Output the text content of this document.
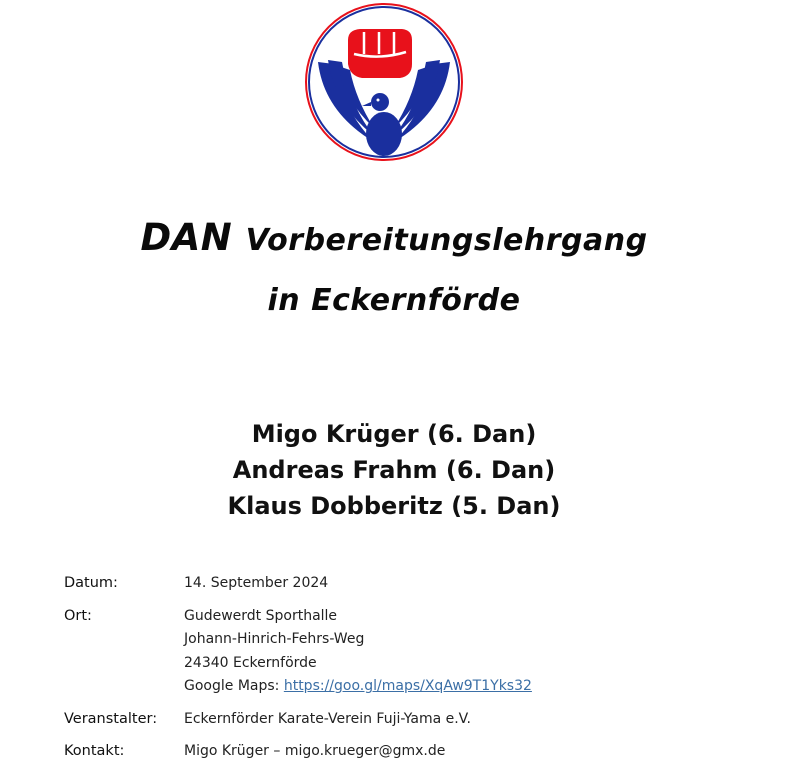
DAN Vorbereitungslehrgang
in Eckernförde
Migo Krüger (6. Dan)
Andreas Frahm (6. Dan)
Klaus Dobberitz (5. Dan)
Datum:	14. September 2024
Ort:	Gudewerdt Sporthalle
Johann-Hinrich-Fehrs-Weg
24340 Eckernförde
Google Maps: https://goo.gl/maps/XqAw9T1Yks32
Veranstalter:	Eckernförder Karate-Verein Fuji-Yama e.V.
Kontakt:	Migo Krüger – migo.krueger@gmx.de
